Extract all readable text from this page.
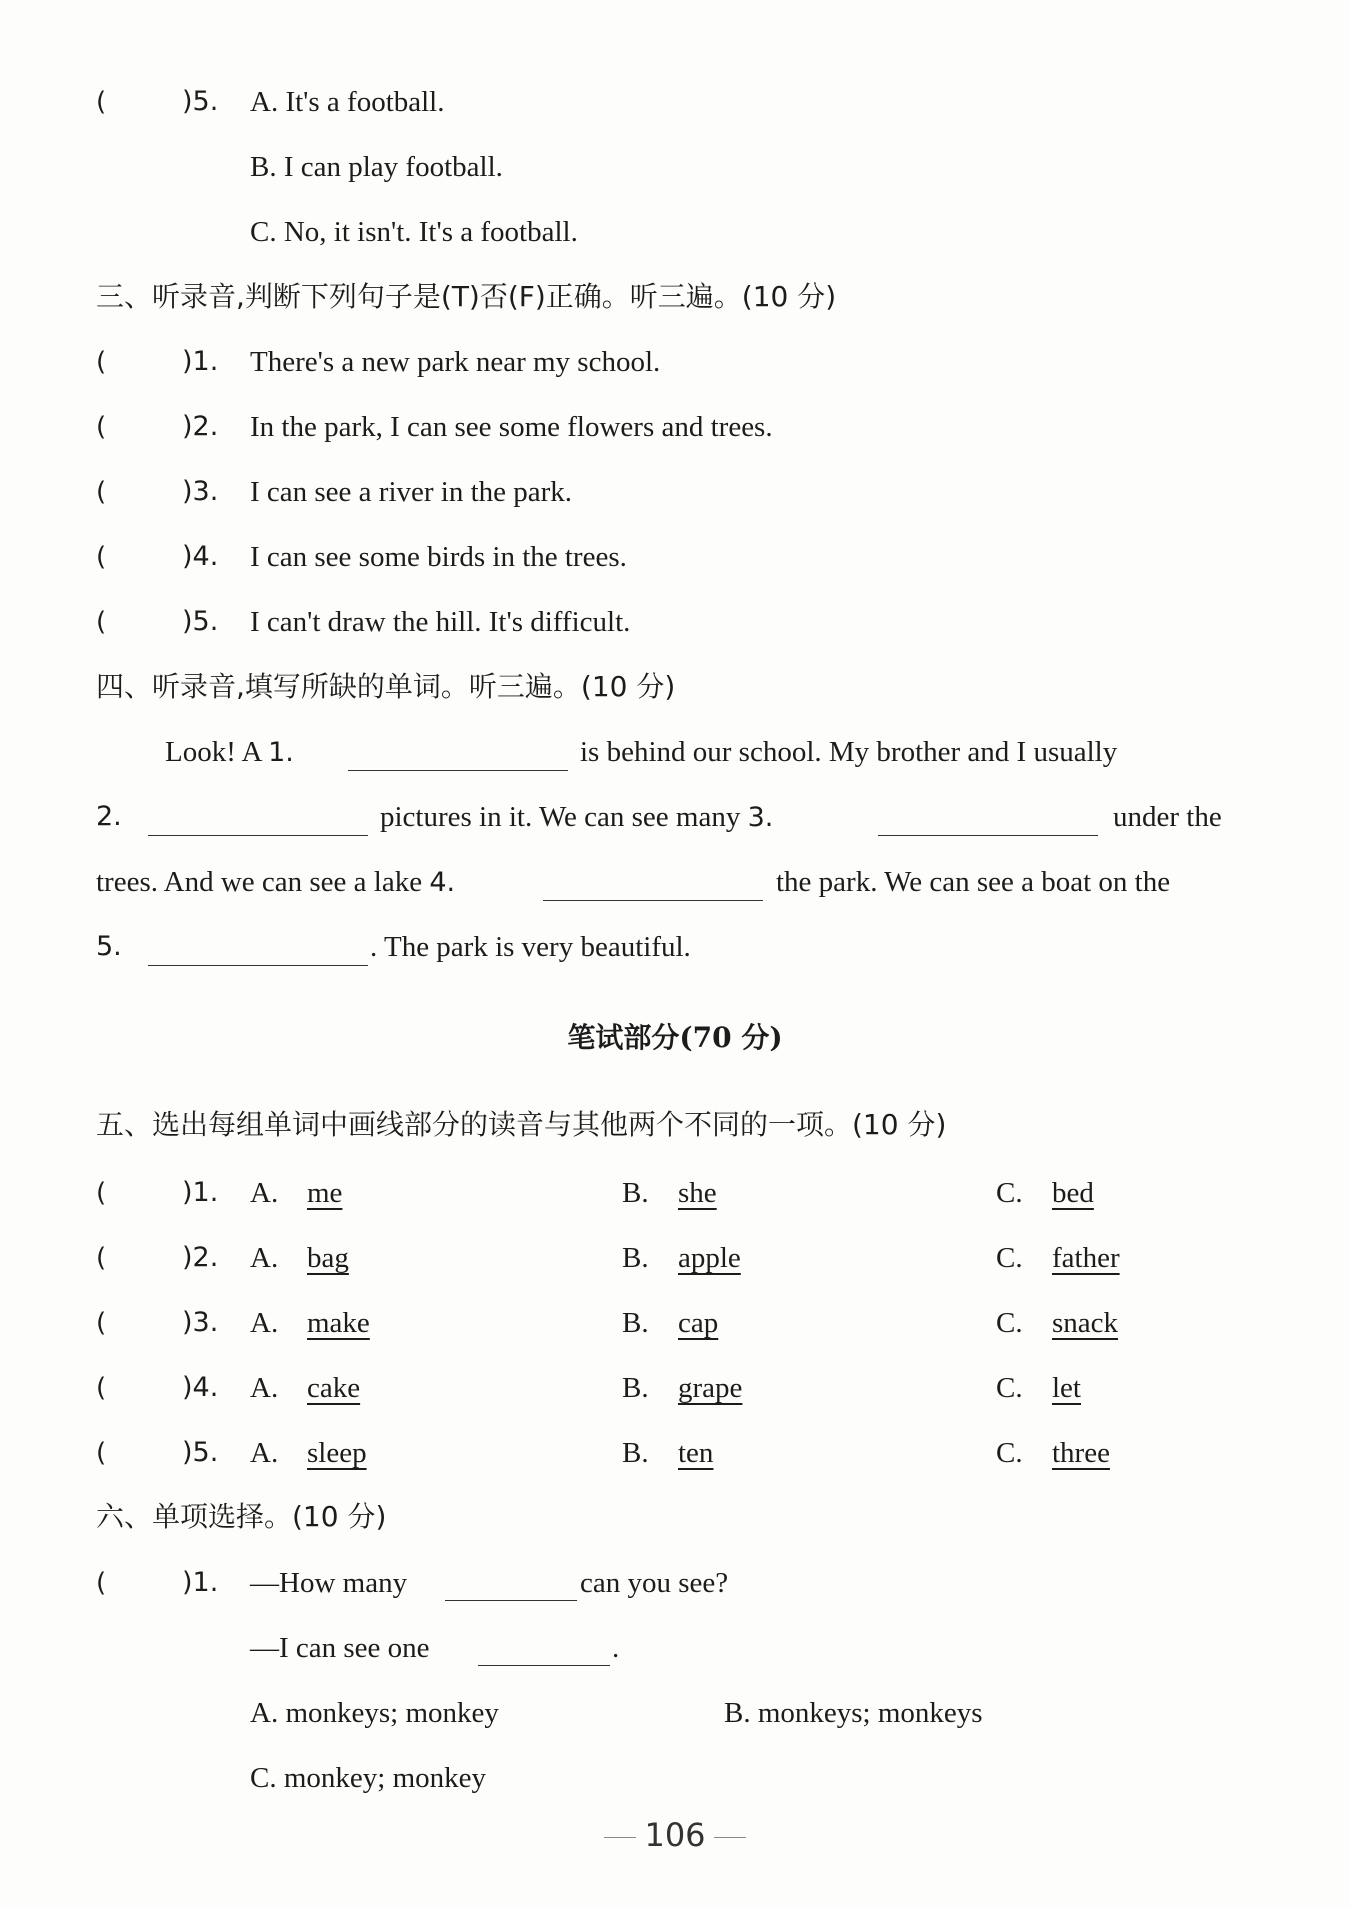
(	)5. A. It's a football.
B. I can play football.
C. No, it isn't. It's a football.
三、听录音,判断下列句子是(T)否(F)正确。听三遍。(10 分)
(	)1. There's a new park near my school.
(	)2. In the park, I can see some flowers and trees.
(	)3. I can see a river in the park.
(	)4. I can see some birds in the trees.
(	)5. I can't draw the hill. It's difficult.
四、听录音,填写所缺的单词。听三遍。(10 分)
Look! A 1.	is behind our school. My brother and I usually
2.	pictures in it. We can see many 3.	under the
trees. And we can see a lake 4.	the park. We can see a boat on the
5.	. The park is very beautiful.
笔试部分(70 分)
五、选出每组单词中画线部分的读音与其他两个不同的一项。(10 分)
(	)1. A. me	B. she	C. bed
(	)2. A. bag	B. apple	C. father
(	)3. A. make	B. cap	C. snack
(	)4. A. cake	B. grape	C. let
(	)5. A. sleep	B. ten	C. three
六、单项选择。(10 分)
(	)1. —How many	can you see?
—I can see one	.
A. monkeys; monkey	B. monkeys; monkeys
C. monkey; monkey
106
